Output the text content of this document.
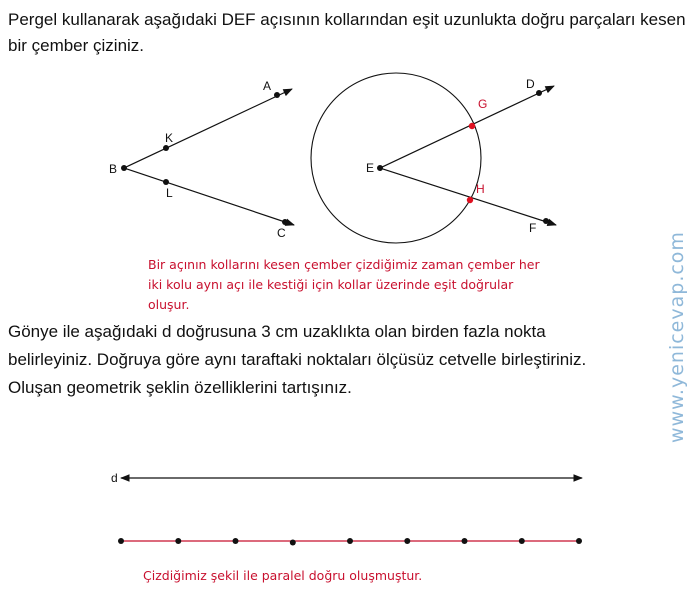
Pergel kullanarak aşağıdaki DEF açısının kollarından eşit uzunlukta doğru parçaları kesen bir çember çiziniz.

B
K
A
L
C
E
D
F
G
H
d

Bir açının kollarını kesen çember çizdiğimiz zaman çember her iki kolu aynı açı ile kestiği için kollar üzerinde eşit doğrular oluşur.

Gönye ile aşağıdaki d doğrusuna 3 cm uzaklıkta olan birden fazla nokta belirleyiniz. Doğruya göre aynı taraftaki noktaları ölçüsüz cetvelle birleştiriniz. Oluşan geometrik şeklin özelliklerini tartışınız.

Çizdiğimiz şekil ile paralel doğru oluşmuştur.

www.yenicevap.com
